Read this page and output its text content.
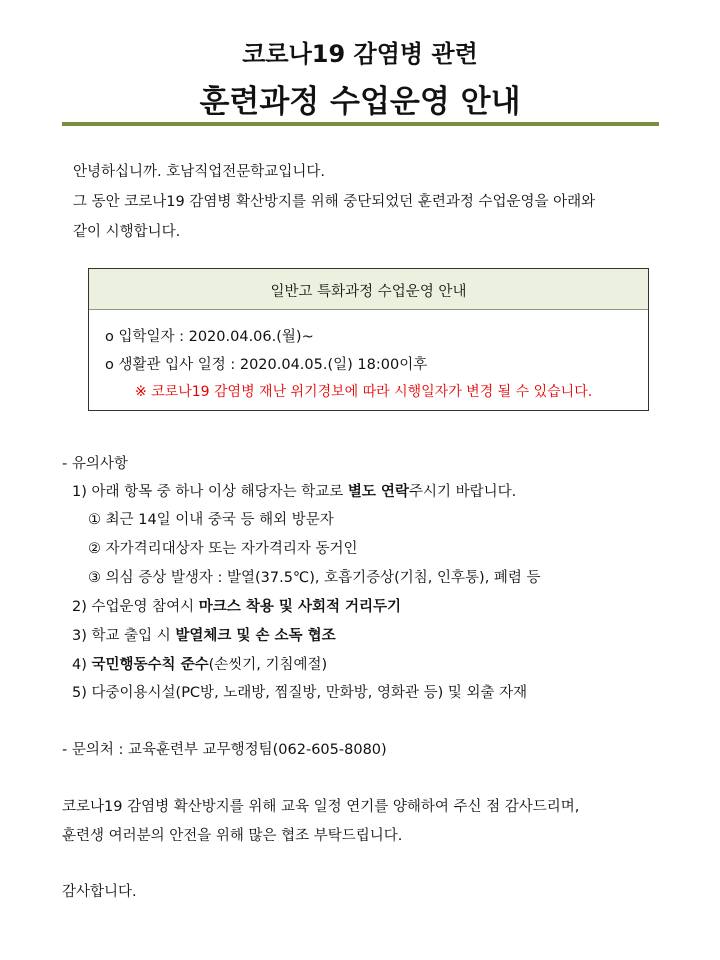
코로나19 감염병 관련
훈련과정 수업운영 안내
안녕하십니까. 호남직업전문학교입니다.
그 동안 코로나19 감염병 확산방지를 위해 중단되었던 훈련과정 수업운영을 아래와
같이 시행합니다.
일반고 특화과정 수업운영 안내
o 입학일자 : 2020.04.06.(월)~
o 생활관 입사 일정 : 2020.04.05.(일) 18:00이후
※ 코로나19 감염병 재난 위기경보에 따라 시행일자가 변경 될 수 있습니다.
- 유의사항
1) 아래 항목 중 하나 이상 해당자는 학교로 별도 연락주시기 바랍니다.
① 최근 14일 이내 중국 등 해외 방문자
② 자가격리대상자 또는 자가격리자 동거인
③ 의심 증상 발생자 : 발열(37.5℃), 호흡기증상(기침, 인후통), 폐렴 등
2) 수업운영 참여시 마크스 착용 및 사회적 거리두기
3) 학교 출입 시 발열체크 및 손 소독 협조
4) 국민행동수칙 준수(손씻기, 기침예절)
5) 다중이용시설(PC방, 노래방, 찜질방, 만화방, 영화관 등) 및 외출 자재
- 문의처 : 교육훈련부 교무행정팀(062-605-8080)
코로나19 감염병 확산방지를 위해 교육 일정 연기를 양해하여 주신 점 감사드리며,
훈련생 여러분의 안전을 위해 많은 협조 부탁드립니다.
감사합니다.
